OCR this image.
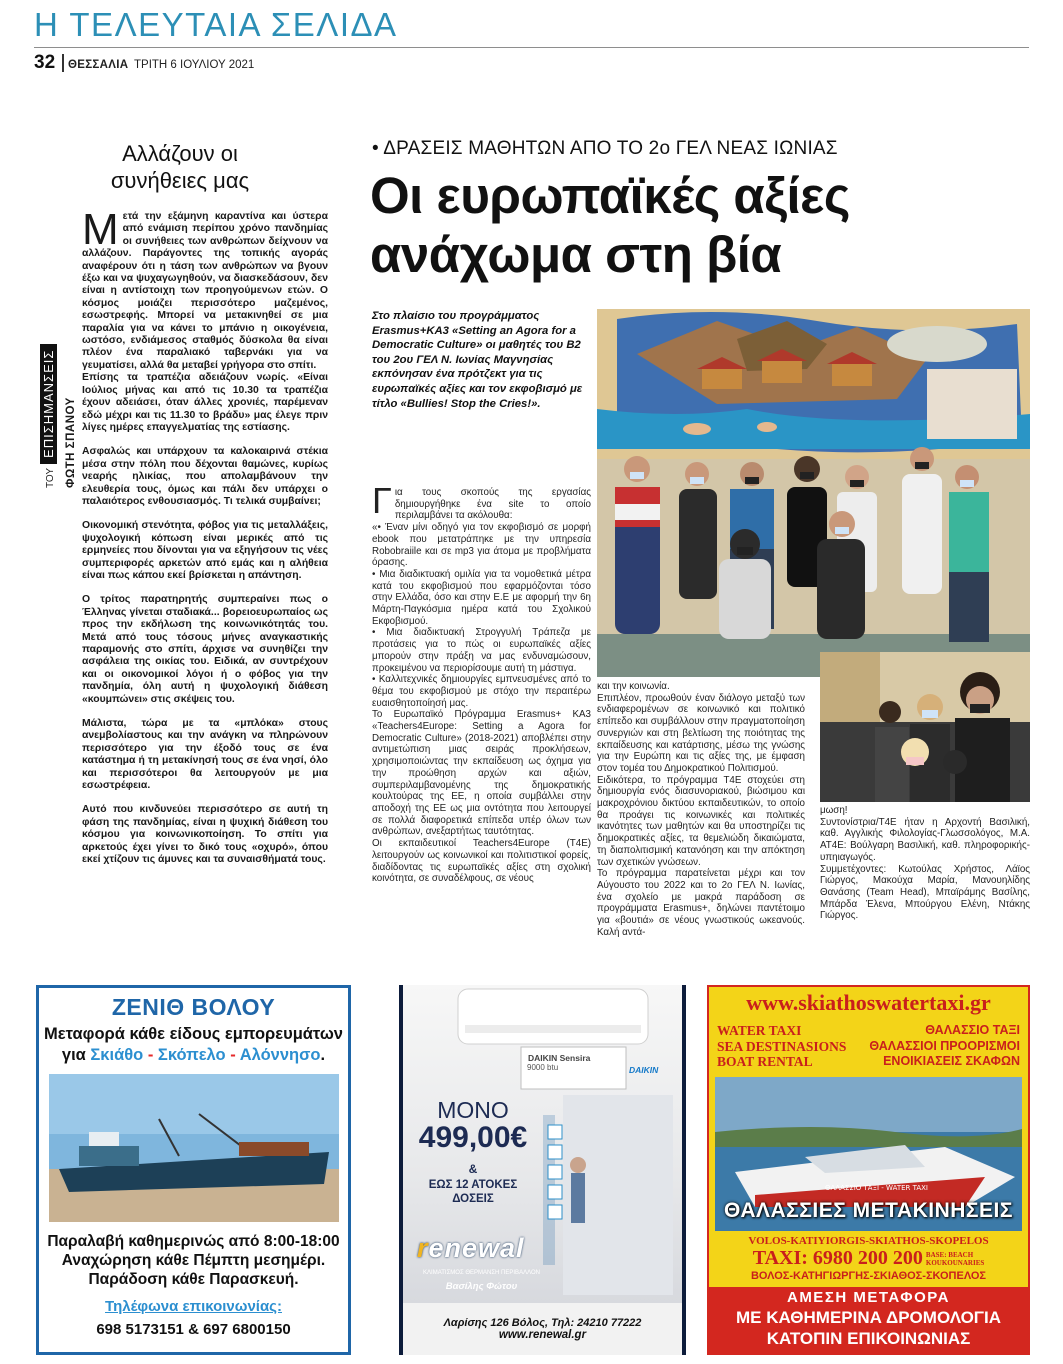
Η ΤΕΛΕΥΤΑΙΑ ΣΕΛΙΔΑ
32 ΘΕΣΣΑΛΙΑ ΤΡΙΤΗ 6 ΙΟΥΛΙΟΥ 2021
Αλλάζουν οι συνήθειες μας
ΤΟΥΕΠΙΣΗΜΑΝΣΕΙΣ ΦΩΤΗ ΣΠΑΝΟΥ

Μετά την εξάμηνη καραντίνα και ύστερα από ενάμιση περίπου χρόνο πανδημίας οι συνήθειες των ανθρώπων δείχνουν να αλλάζουν. Παράγοντες της τοπικής αγοράς αναφέρουν ότι η τάση των ανθρώπων να βγουν έξω και να ψυχαγωγηθούν, να διασκεδάσουν, δεν είναι η αντίστοιχη των προηγούμενων ετών. Ο κόσμος μοιάζει περισσότερο μαζεμένος, εσωστρεφής. Μπορεί να μετακινηθεί σε μια παραλία για να κάνει το μπάνιο η οικογένεια, ωστόσο, ενδιάμεσος σταθμός δύσκολα θα είναι πλέον ένα παραλιακό ταβερνάκι για να γευματίσει, αλλά θα μεταβεί γρήγορα στο σπίτι.

Επίσης τα τραπέζια αδειάζουν νωρίς. «Είναι Ιούλιος μήνας και από τις 10.30 τα τραπέζια έχουν αδειάσει, όταν άλλες χρονιές, παρέμεναν εδώ μέχρι και τις 11.30 το βράδυ» μας έλεγε πριν λίγες ημέρες επαγγελματίας της εστίασης.

Ασφαλώς και υπάρχουν τα καλοκαιρινά στέκια μέσα στην πόλη που δέχονται θαμώνες, κυρίως νεαρής ηλικίας, που απολαμβάνουν την ελευθερία τους, όμως και πάλι δεν υπάρχει ο παλαιότερος ενθουσιασμός. Τι τελικά συμβαίνει;

Οικονομική στενότητα, φόβος για τις μεταλλάξεις, ψυχολογική κόπωση είναι μερικές από τις ερμηνείες που δίνονται για να εξηγήσουν τις νέες συμπεριφορές αρκετών από εμάς και η αλήθεια είναι πως κάπου εκεί βρίσκεται η απάντηση.

Ο τρίτος παρατηρητής συμπεραίνει πως ο Έλληνας γίνεται σταδιακά... βορειοευρωπαίος ως προς την εκδήλωση της κοινωνικότητάς του. Μετά από τους τόσους μήνες αναγκαστικής παραμονής στο σπίτι, άρχισε να συνηθίζει την ασφάλεια της οικίας του. Ειδικά, αν συντρέχουν και οι οικονομικοί λόγοι ή ο φόβος για την πανδημία, όλη αυτή η ψυχολογική διάθεση «κουμπώνει» στις σκέψεις του.

Μάλιστα, τώρα με τα «μπλόκα» στους ανεμβολίαστους και την ανάγκη να πληρώνουν περισσότερο για την έξοδό τους σε ένα κατάστημα ή τη μετακίνησή τους σε ένα νησί, όλο και περισσότεροι θα λειτουργούν με μια εσωστρέφεια.

Αυτό που κινδυνεύει περισσότερο σε αυτή τη φάση της πανδημίας, είναι η ψυχική διάθεση του κόσμου για κοινωνικοποίηση. Το σπίτι για αρκετούς έχει γίνει το δικό τους «οχυρό», όπου εκεί χτίζουν τις άμυνες και τα συναισθήματά τους.

• ΔΡΑΣΕΙΣ ΜΑΘΗΤΩΝ ΑΠΟ ΤΟ 2ο ΓΕΛ ΝΕΑΣ ΙΩΝΙΑΣ
Οι ευρωπαϊκές αξίες
ανάχωμα στη βία
Στο πλαίσιο του προγράμματος Erasmus+KA3 «Setting an Agora for a Democratic Culture» οι μαθητές του Β2 του 2ου ΓΕΛ Ν. Ιωνίας Μαγνησίας εκπόνησαν ένα πρότζεκτ για τις ευρωπαϊκές αξίες και τον εκφοβισμό με τίτλο «Bullies! Stop the Cries!».

Για τους σκοπούς της εργασίας δημιουργήθηκε ένα site το οποίο περιλαμβάνει τα ακόλουθα:

«• Έναν μίνι οδηγό για τον εκφοβισμό σε μορφή ebook που μετατράπηκε με την υπηρεσία Robobraiile και σε mp3 για άτομα με προβλήματα όρασης.

• Μια διαδικτυακή ομιλία για τα νομοθετικά μέτρα κατά του εκφοβισμού που εφαρμόζονται τόσο στην Ελλάδα, όσο και στην Ε.Ε με αφορμή την 6η Μάρτη-Παγκόσμια ημέρα κατά του Σχολικού Εκφοβισμού.

• Μια διαδικτυακή Στρογγυλή Τράπεζα με προτάσεις για το πώς οι ευρωπαϊκές αξίες μπορούν στην πράξη να μας ενδυναμώσουν, προκειμένου να περιορίσουμε αυτή τη μάστιγα.

• Καλλιτεχνικές δημιουργίες εμπνευσμένες από το θέμα του εκφοβισμού με στόχο την περαιτέρω ευαισθητοποίησή μας.

Το Ευρωπαϊκό Πρόγραμμα Erasmus+ KA3 «Teachers4Europe: Setting a Agora for Democratic Culture» (2018-2021) αποβλέπει στην αντιμετώπιση μιας σειράς προκλήσεων, χρησιμοποιώντας την εκπαίδευση ως όχημα για την προώθηση αρχών και αξιών, συμπεριλαμβανομένης της δημοκρατικής κουλτούρας της ΕΕ, η οποία συμβάλλει στην αποδοχή της ΕΕ ως μια οντότητα που λειτουργεί σε πολλά διαφορετικά επίπεδα υπέρ όλων των ανθρώπων, ανεξαρτήτως ταυτότητας.

Οι εκπαιδευτικοί Teachers4Europe (T4E) λειτουργούν ως κοινωνικοί και πολιτιστικοί φορείς, διαδίδοντας τις ευρωπαϊκές αξίες στη σχολική κοινότητα, σε συναδέλφους, σε νέους

και την κοινωνία.

Επιπλέον, προωθούν έναν διάλογο μεταξύ των ενδιαφερομένων σε κοινωνικό και πολιτικό επίπεδο και συμβάλλουν στην πραγματοποίηση συνεργιών και στη βελτίωση της ποιότητας της εκπαίδευσης και κατάρτισης, μέσω της γνώσης για την Ευρώπη και τις αξίες της, με έμφαση στον τομέα του Δημοκρατικού Πολιτισμού.

Ειδικότερα, το πρόγραμμα T4E στοχεύει στη δημιουργία ενός διασυνοριακού, βιώσιμου και μακροχρόνιου δικτύου εκπαιδευτικών, το οποίο θα προάγει τις κοινωνικές και πολιτικές ικανότητες των μαθητών και θα υποστηρίζει τις δημοκρατικές αξίες, τα θεμελιώδη δικαιώματα, τη διαπολιτισμική κατανόηση και την απόκτηση των σχετικών γνώσεων.

Το πρόγραμμα παρατείνεται μέχρι και τον Αύγουστο του 2022 και το 2ο ΓΕΛ Ν. Ιωνίας, ένα σχολείο με μακρά παράδοση σε προγράμματα Erasmus+, δηλώνει παντέτοιμο για «βουτιά» σε νέους γνωστικούς ωκεανούς. Καλή αντά-

μωση!

Συντονίστρια/T4E ήταν η Αρχοντή Βασιλική, καθ. Αγγλικής Φιλολογίας-Γλωσσολόγος, Μ.Α. AT4E: Βούλγαρη Βασιλική, καθ. πληροφορικής-υπηιαγωγός.

Συμμετέχοντες: Κωτούλας Χρήστος, Λάϊος Γιώργος, Μακούχα Μαρία, Μανουηλίδης Θανάσης (Team Head), Μπαϊράμης Βασίλης, Μπάρδα Έλενα, Μπούργου Ελένη, Ντάκης Γιώργος.

ΖΕΝΙΘ ΒΟΛΟΥ
Μεταφορά κάθε είδους εμπορευμάτων
για Σκιάθο - Σκόπελο - Αλόννησο.
Παραλαβή καθημερινώς από 8:00-18:00
Αναχώρηση κάθε Πέμπτη μεσημέρι.
Παράδοση κάθε Παρασκευή.
Τηλέφωνα επικοινωνίας:
698 5173151 & 697 6800150
DAIKIN Sensira
9000 btu	DAIKIN
ΜΟΝΟ
499,00€
&
ΕΩΣ 12 ΑΤΟΚΕΣ
ΔΟΣΕΙΣ
renewal
ΚΛΙΜΑΤΙΣΜΟΣ ΘΕΡΜΑΝΣΗ ΠΕΡΙΒΑΛΛΟΝ
Βασίλης Φώτου
Λαρίσης 126 Βόλος, Τηλ: 24210 77222
www.renewal.gr
www.skiathoswatertaxi.gr
WATER TAXI
SEA DESTINASIONS
BOAT RENTAL
ΘΑΛΑΣΣΙΟ ΤΑΞΙ
ΘΑΛΑΣΣΙΟΙ ΠΡΟΟΡΙΣΜΟΙ
ΕΝΟΙΚΙΑΣΕΙΣ ΣΚΑΦΩΝ
ΘΑΛΑΣΣΙΟ ΤΑΞΙ - WATER TAXI
ΘΑΛΑΣΣΙΕΣ ΜΕΤΑΚΙΝΗΣΕΙΣ
VOLOS-KATIYIORGIS-SKIATHOS-SKOPELOS
TAXI: 6980 200 200 BASE: BEACH
KOUKOUNARIES
ΒΟΛΟΣ-ΚΑΤΗΓΙΩΡΓΗΣ-ΣΚΙΑΘΟΣ-ΣΚΟΠΕΛΟΣ
ΑΜΕΣΗ ΜΕΤΑΦΟΡΑ
ΜΕ ΚΑΘΗΜΕΡΙΝΑ ΔΡΟΜΟΛΟΓΙΑ
ΚΑΤΟΠΙΝ ΕΠΙΚΟΙΝΩΝΙΑΣ
